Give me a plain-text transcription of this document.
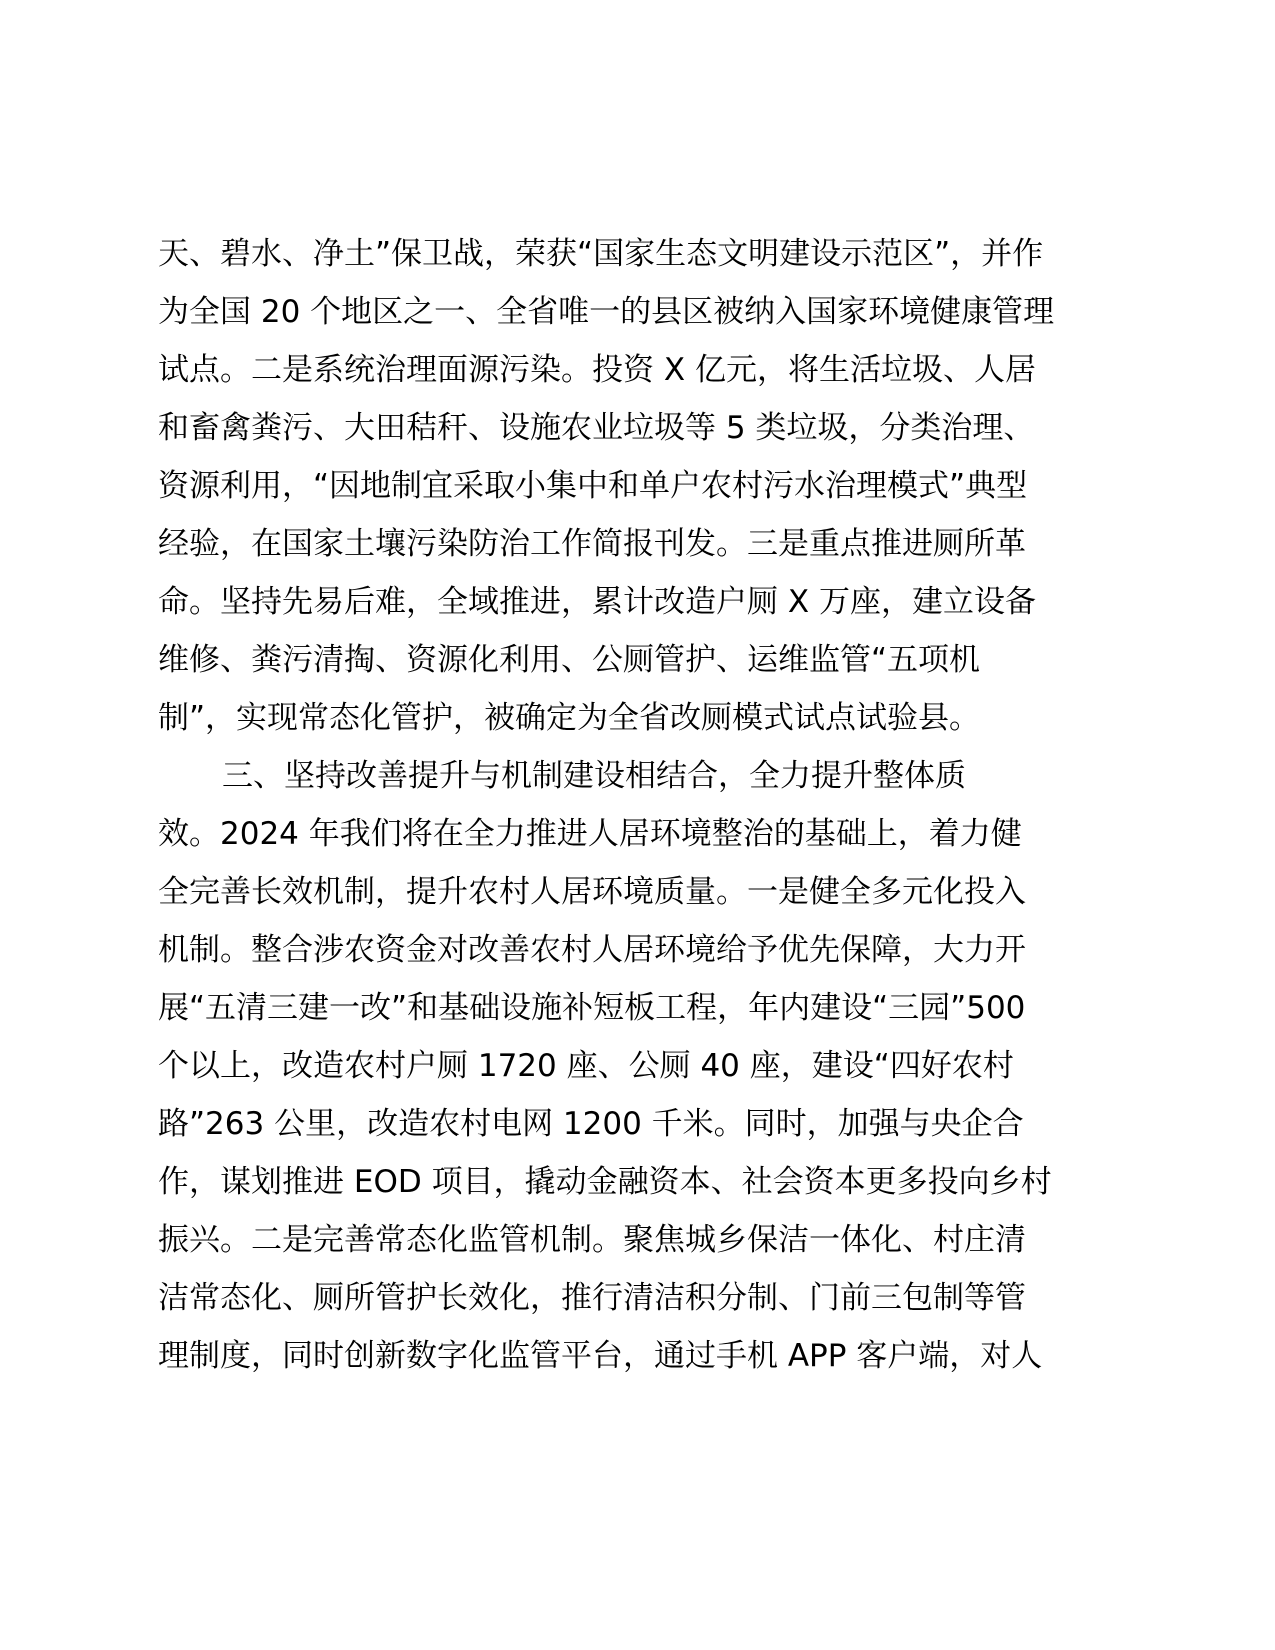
天、碧水、净土”保卫战，荣获“国家生态文明建设示范区”，并作
为全国 20 个地区之一、全省唯一的县区被纳入国家环境健康管理
试点。二是系统治理面源污染。投资 X 亿元，将生活垃圾、人居
和畜禽粪污、大田秸秆、设施农业垃圾等 5 类垃圾，分类治理、
资源利用，“因地制宜采取小集中和单户农村污水治理模式”典型
经验，在国家土壤污染防治工作简报刊发。三是重点推进厕所革
命。坚持先易后难，全域推进，累计改造户厕 X 万座，建立设备
维修、粪污清掏、资源化利用、公厕管护、运维监管“五项机
制”，实现常态化管护，被确定为全省改厕模式试点试验县。
三、坚持改善提升与机制建设相结合，全力提升整体质
效。2024 年我们将在全力推进人居环境整治的基础上，着力健
全完善长效机制，提升农村人居环境质量。一是健全多元化投入
机制。整合涉农资金对改善农村人居环境给予优先保障，大力开
展“五清三建一改”和基础设施补短板工程，年内建设“三园”500
个以上，改造农村户厕 1720 座、公厕 40 座，建设“四好农村
路”263 公里，改造农村电网 1200 千米。同时，加强与央企合
作，谋划推进 EOD 项目，撬动金融资本、社会资本更多投向乡村
振兴。二是完善常态化监管机制。聚焦城乡保洁一体化、村庄清
洁常态化、厕所管护长效化，推行清洁积分制、门前三包制等管
理制度，同时创新数字化监管平台，通过手机 APP 客户端，对人
